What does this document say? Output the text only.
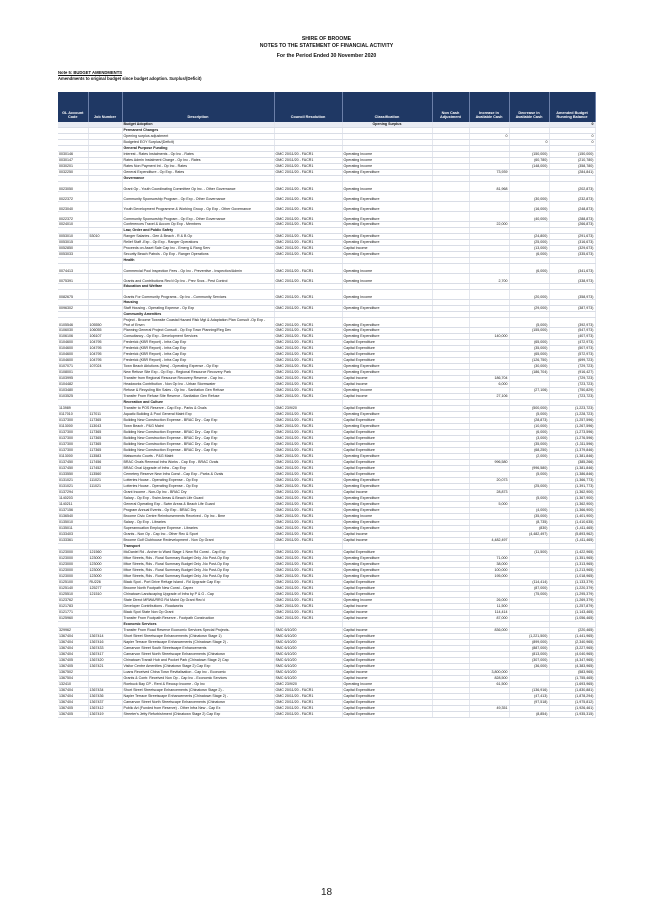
SHIRE OF BROOME
NOTES TO THE STATEMENT OF FINANCIAL ACTIVITY
For the Period Ended 30 November 2020
Note 5: BUDGET AMENDMENTS
Amendments to original budget since budget adoption. Surplus/(Deficit)
GL Account Code	Job Number	Description	Council Resolution	Classification	Non Cash Adjustment	Increase in Available Cash	Decrease in Available Cash	Amended Budget Running Balance
		Budget Adoption		Opening Surplus				0
		Permanent Changes						
		Opening surplus adjustment				0		0
		Budgeted EOY Surplus/(Deficit)					0	0
		General Purpose Funding						
0030146		Interest - Rates Instalments - Op Inc - Rates	OMC 20/11/20 - FACR1	Operating Income			(150,000)	(150,000)
0030147		Rates Admin Instalment Charge - Op Inc - Rates	OMC 20/11/20 - FACR1	Operating Income			(60,780)	(210,780)
0030201		Rates Non Payment Int - Op Inc - Rates	OMC 20/11/20 - FACR1	Operating Income			(148,000)	(358,780)
0032250		General Expenditure - Op Exp - Rates	OMC 20/11/20 - FACR1	Operating Expenditure		73,939		(284,841)
		Governance						
0023050		Grant Op - Youth Coordinating Committee Op Inc. - Other Governance	OMC 20/11/20 - FACR1	Operating Income		81,968		(202,873)
0022372		Community Sponsorship Program - Op Exp - Other Governance	OMC 20/11/20 - FACR1	Operating Expenditure			(30,000)	(232,873)
0023040		Youth Development Programme & Working Group - Op Exp - Other Governance	OMC 20/11/20 - FACR1	Operating Expenditure			(16,000)	(248,873)
0022372		Community Sponsorship Program - Op Exp - Other Governance	OMC 20/11/20 - FACR1	Operating Expenditure			(40,000)	(288,873)
0024010		Conferences Travel & Accom Op Exp - Members	OMC 20/11/20 - FACR1	Operating Expenditure		22,000		(266,873)
		Law, Order and Public Safety						
0053010	53010	Ranger Salaries - Gen & Beach - R & B Op	OMC 20/11/20 - FACR1	Operating Expenditure			(24,800)	(291,673)
0053015		Relief Staff -Exp - Op Exp - Ranger Operations	OMC 20/11/20 - FACR1	Operating Expenditure			(25,000)	(316,673)
0052850		Proceeds on Asset Sale Cap Inc - Emerg & Rang Serv	OMC 20/11/20 - FACR1	Capital Income			(13,000)	(329,673)
0053033		Security Beach Patrols - Op Exp - Ranger Operations	OMC 20/11/20 - FACR1	Operating Expenditure			(6,000)	(335,673)
		Health						
0074413		Commercial Pool Inspection Fees - Op Inc - Preventive - Inspection/Admin	OMC 20/11/20 - FACR1	Operating Income			(6,000)	(341,673)
0075391		Grants and Contributions Rec'd Op Inc - Prev Svcs - Pest Control	OMC 20/11/20 - FACR1	Operating Income		2,700		(338,973)
		Education and Welfare						
0082675		Grants For Community Programs - Op Inc - Community Services	OMC 20/11/20 - FACR1	Operating Income			(20,000)	(358,973)
		Housing						
0096302		Staff Housing - Operating Expense - Op Exp	OMC 20/11/20 - FACR1	Operating Expenditure			(29,000)	(387,973)
		Community Amenities						
0105546	105550	Project - Broome Townsite Coastal Hazard Risk Mgt & Adaptation Plan Consult -Op Exp - Prot of Envrn	OMC 20/11/20 - FACR1	Operating Expenditure			(5,000)	(392,973)
0106030	106055	Planning General Project Consult - Op Exp Town Planning/Reg Dev	OMC 20/11/20 - FACR1	Operating Expenditure			(155,000)	(547,973)
0106106	106107	Consultancy - Op Exp - Development Services	OMC 20/11/20 - FACR1	Operating Expenditure		140,000		(407,973)
0104600	104795	Frederick (KBR Report) - Infra Cap Exp	OMC 20/11/20 - FACR1	Capital Expenditure			(65,000)	(472,973)
0104600	104795	Frederick (KBR Report) - Infra Cap Exp	OMC 20/11/20 - FACR1	Capital Expenditure			(35,000)	(507,973)
0104600	104795	Frederick (KBR Report) - Infra Cap Exp	OMC 20/11/20 - FACR1	Capital Expenditure			(65,000)	(572,973)
0104600	104795	Frederick (KBR Report) - Infra Cap Exp	OMC 20/11/20 - FACR1	Capital Expenditure			(126,750)	(699,723)
0107071	107024	Town Beach Ablutions (New) - Operating Expense - Op Exp	OMC 20/11/20 - FACR1	Operating Expenditure			(30,000)	(729,723)
0108001		New Refuse Site Exp - Op Exp - Regional Resource Recovery Park	OMC 20/11/20 - FACR1	Operating Expenditure			(186,704)	(916,427)
0103995		Transfer from Regional Resource Recovery Reserve - Cap Inc -	OMC 20/11/20 - FACR1	Capital Income		186,704		(729,723)
0104482		Headworks Contribution - Non Op Inc - Urban Stormwater	OMC 20/11/20 - FACR1	Capital Income		6,000		(723,723)
0103480		Refuse & Recycling Bin Sales - Op Inc - Sanitation Gen Refuse	OMC 20/11/20 - FACR1	Operating Income			(27,106)	(750,829)
0103525		Transfer From Refuse Site Reserve - Sanitation Gen Refuse	OMC 20/11/20 - FACR1	Capital Income		27,106		(723,723)
		Recreation and Culture						
113989		Transfer to POS Reserve - Cap Exp - Parks & Ovals	OMC 23/9/20	Capital Expenditure			(500,000)	(1,223,723)
0117010	117011	Aquatic Building & Pool General Maint Exp	OMC 20/11/20 - FACR1	Operating Expenditure			(5,000)	(1,228,723)
0137300	117365	Building New Construction Expense - BRAC Dry - Cap Exp	OMC 20/11/20 - FACR1	Capital Expenditure			(28,873)	(1,257,596)
0113000	113043	Town Beach - P&G Maint	OMC 20/11/20 - FACR1	Operating Expenditure			(10,000)	(1,267,596)
0137300	117365	Building New Construction Expense - BRAC Dry - Cap Exp	OMC 20/11/20 - FACR1	Capital Expenditure			(6,000)	(1,273,596)
0137300	117365	Building New Construction Expense - BRAC Dry - Cap Exp	OMC 20/11/20 - FACR1	Capital Expenditure			(3,000)	(1,276,596)
0137300	117365	Building New Construction Expense - BRAC Dry - Cap Exp	OMC 20/11/20 - FACR1	Capital Expenditure			(35,000)	(1,311,596)
0137300	117365	Building New Construction Expense - BRAC Dry - Cap Exp	OMC 20/11/20 - FACR1	Capital Expenditure			(68,250)	(1,379,846)
0113000	113583	Matsumoto Courts - P&G Maint	OMC 20/11/20 - FACR1	Operating Expenditure			(2,000)	(1,381,846)
0137450	117456	BRAC Ovals Renewal Infra Works - Cap Exp - BRAC Ovals	OMC 20/11/20 - FACR1	Capital Expenditure		996,580		(385,266)
0137450	117452	BRAC Oval Upgrade of Infra - Cap Exp	OMC 20/11/20 - FACR1	Capital Expenditure			(996,580)	(1,381,846)
0133550	113560	Cemetery Reserve New Infra Const - Cap Exp - Parks & Ovals	OMC 20/11/20 - FACR1	Capital Expenditure			(5,000)	(1,386,846)
0131021	111021	Lotteries House - Operating Expense - Op Exp	OMC 20/11/20 - FACR1	Operating Expenditure		20,073		(1,366,773)
0131021	111021	Lotteries House - Operating Expense - Op Exp	OMC 20/11/20 - FACR1	Operating Expenditure			(25,000)	(1,391,773)
0137294		Grant Income - Non-Op Inc - BRAC Dry	OMC 20/11/20 - FACR1	Capital Income		28,873		(1,362,900)
1140203		Salary - Op Exp - Swim Areas & Beach Life Guard	OMC 20/11/20 - FACR1	Operating Expenditure			(5,000)	(1,367,900)
1140211		General Operating Exp - Swim Areas & Beach Life Guard	OMC 20/11/20 - FACR1	Operating Expenditure		5,000		(1,362,900)
0137156		Program Annual Events - Op Exp - BRAC Dry	OMC 20/11/20 - FACR1	Operating Expenditure			(4,000)	(1,366,900)
0136540		Broome Civic Centre Reimbursements Received - Op Inc - Bme	OMC 20/11/20 - FACR1	Operating Income			(35,000)	(1,401,900)
0135010		Salary - Op Exp - Libraries	OMC 20/11/20 - FACR1	Operating Expenditure			(8,735)	(1,410,635)
0135011		Superannuation Employee Expense - Libraries	OMC 20/11/20 - FACR1	Operating Expenditure			(830)	(1,411,465)
0133403		Grants - Non Op - Cap Inc - Other Rec & Sport	OMC 20/11/20 - FACR1	Capital Income			(4,482,497)	(5,893,962)
0133361		Broome Golf Clubhouse Redevelopment - Non Op Grant	OMC 20/11/20 - FACR1	Capital Income		4,482,497		(1,411,465)
		Transport						
0123000	121560	McDaniel Rd - Archer to Ward Stage 1 New Rd Const - Cap Exp	OMC 20/11/20 - FACR1	Capital Expenditure			(11,500)	(1,422,965)
0123000	123000	Mtce Streets, Rds - Rural Summary Budget Only -No Post-Op Exp	OMC 20/11/20 - FACR1	Operating Expenditure		71,000		(1,351,965)
0123000	123000	Mtce Streets, Rds - Rural Summary Budget Only -No Post-Op Exp	OMC 20/11/20 - FACR1	Operating Expenditure		38,000		(1,313,965)
0123000	123000	Mtce Streets, Rds - Rural Summary Budget Only -No Post-Op Exp	OMC 20/11/20 - FACR1	Operating Expenditure		100,000		(1,213,965)
0123000	123000	Mtce Streets, Rds - Rural Summary Budget Only -No Post-Op Exp	OMC 20/11/20 - FACR1	Operating Expenditure		195,000		(1,018,965)
0125100	RU226	Black Spot - Port Drive Refuge Island - Rd Upgrade Cap Exp	OMC 20/11/20 - FACR1	Capital Expenditure			(114,414)	(1,133,379)
0125140	125277	Broome North Footpath New Const - Capex	OMC 20/11/20 - FACR1	Capital Expenditure			(87,000)	(1,220,379)
0125510	121510	Chinatown Landscaping Upgrade of Infra by P & G - Cap	OMC 20/11/20 - FACR1	Capital Expenditure			(75,000)	(1,295,379)
0123762		State Direct MRWA/RRG Rd Maint Op Grant Rec'd	OMC 20/11/20 - FACR1	Operating Income		26,000		(1,269,379)
0121783		Developer Contributions - Roadworks	OMC 20/11/20 - FACR1	Capital Income		11,500		(1,257,879)
0121771		Black Spot State Non Op Grant	OMC 20/11/20 - FACR1	Capital Income		114,414		(1,143,465)
0125960		Transfer From Footpath Reserve - Footpath Construction	OMC 20/11/20 - FACR1	Capital Income		87,000		(1,056,465)
		Economic Services						
329962		Transfer From Road Reserve Economic Services Special Projects-	SMC 6/10/20	Capital Income		836,000		(220,465)
1367404	1367414	Short Street Streetscape Enhancements (Chinatown Stage 1)	SMC 6/10/20	Capital Expenditure			(1,221,500)	(1,441,965)
1367404	1367416	Napier Terrace Streetscape Enhancements (Chinatown Stage 2) -	SMC 6/10/20	Capital Expenditure			(899,000)	(2,340,965)
1367404	1367433	Carnarvon Street South Streetscape Enhancements	SMC 6/10/20	Capital Expenditure			(887,000)	(3,227,965)
1367404	1367417	Carnarvon Street North Streetscape Enhancements (Chinatown	SMC 6/10/20	Capital Expenditure			(813,000)	(4,040,965)
1367405	1367420	Chinatown Transit Hub and Pocket Park (Chinatown Stage 2) Cap	SMC 6/10/20	Capital Expenditure			(307,000)	(4,347,965)
1367405	1367421	Visitor Centre Amenities (Chinatown Stage 2) Cap Exp	SMC 6/10/20	Capital Expenditure			(36,000)	(4,383,965)
1367502		Loans Received China Town Revitalisation - Cap Inc - Economic	SMC 6/10/20	Capital Income		3,800,000		(583,965)
1367504		Grants & Contr. Received Non Op - Cap Inc - Economic Services	SMC 6/10/20	Capital Income		828,500		(1,755,465)
132410		Roebuck Bay CP - Rent & Recoup Income - Op Inc	OMC 23/9/20	Operating Income		61,500		(1,693,965)
1367404	1367434	Short Street Streetscape Enhancements (Chinatown Stage 2) -	OMC 20/11/20 - FACR1	Capital Expenditure			(136,916)	(1,830,881)
1367404	1367436	Napier Terrace Streetscape Enhancements (Chinatown Stage 2) -	OMC 20/11/20 - FACR1	Capital Expenditure			(47,413)	(1,878,294)
1367404	1367437	Carnarvon Street North Streetscape Enhancements (Chinatown	OMC 20/11/20 - FACR1	Capital Expenditure			(97,518)	(1,975,812)
1367405	1367412	Public Art (Funded from Reserve) - Other Infra New - Cap Ex	OMC 20/11/20 - FACR1	Capital Expenditure		49,351		(1,926,461)
1367405	1367419	Streeter's Jetty Refurbishment (Chinatown Stage 2) Cap Exp	OMC 20/11/20 - FACR1	Capital Expenditure			(8,854)	(1,935,315)
18
